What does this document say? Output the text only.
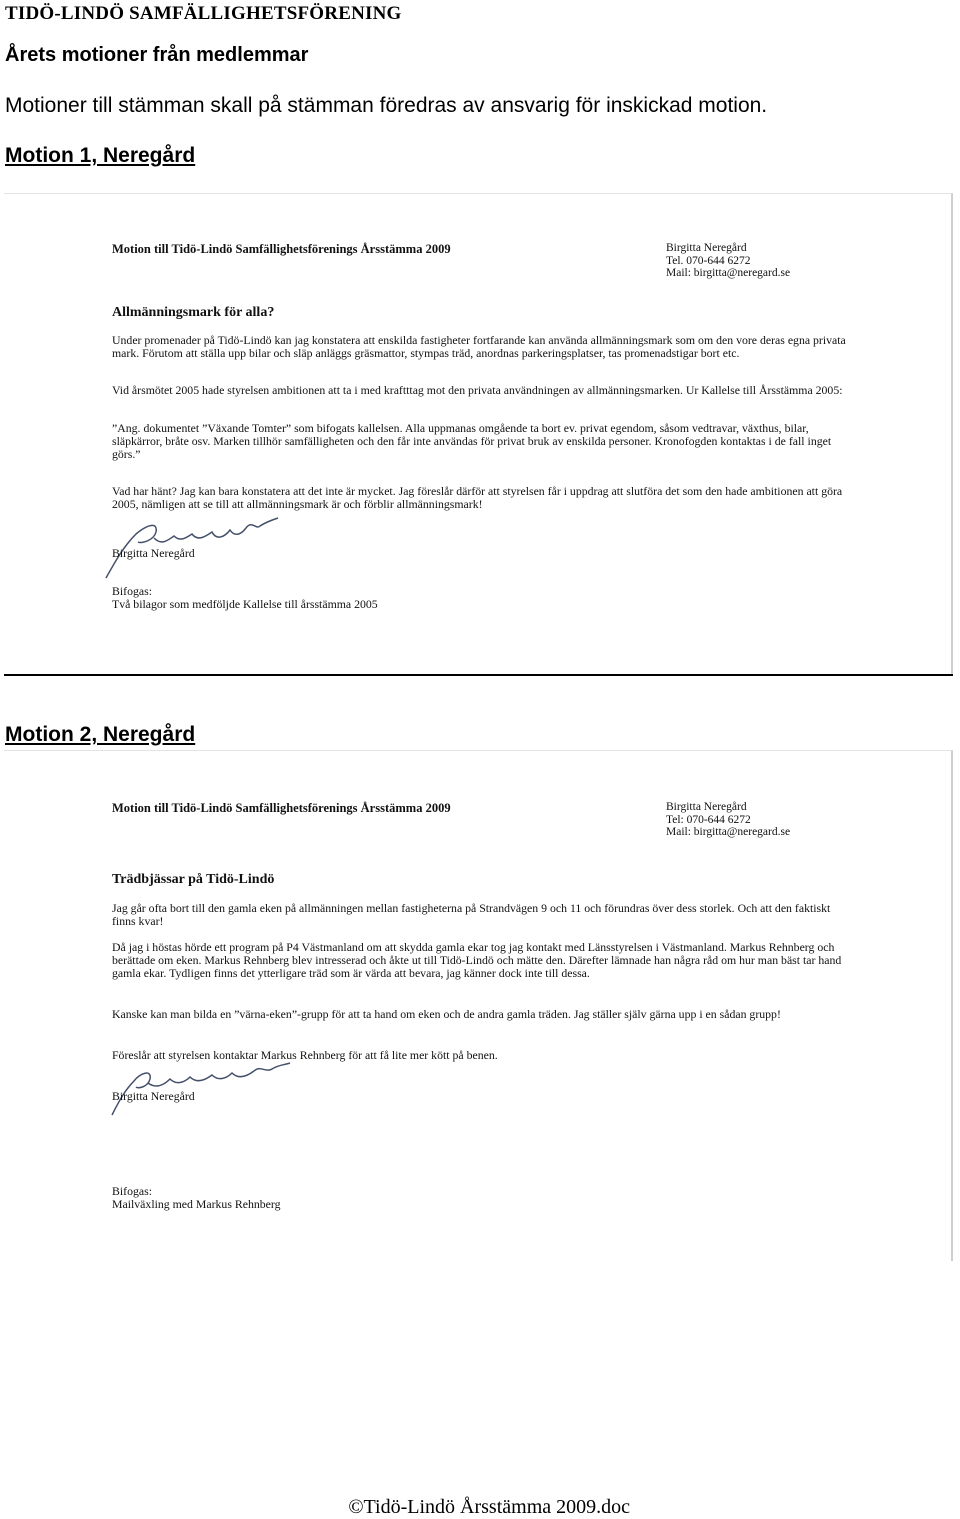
TIDÖ-LINDÖ SAMFÄLLIGHETSFÖRENING
Årets motioner från medlemmar
Motioner till stämman skall på stämman föredras av ansvarig för inskickad motion.
Motion 1, Neregård
Motion till Tidö-Lindö Samfällighetsförenings Årsstämma 2009	Birgitta Neregård
Tel. 070-644 6272
Mail: birgitta@neregard.se
Allmänningsmark för alla?
Under promenader på Tidö-Lindö kan jag konstatera att enskilda fastigheter fortfarande kan använda allmänningsmark som om den vore deras egna privata mark. Förutom att ställa upp bilar och släp anläggs gräsmattor, stympas träd, anordnas parkeringsplatser, tas promenadstigar bort etc.
Vid årsmötet 2005 hade styrelsen ambitionen att ta i med kraftttag mot den privata användningen av allmänningsmarken. Ur Kallelse till Årsstämma 2005:
”Ang. dokumentet ”Växande Tomter” som bifogats kallelsen. Alla uppmanas omgående ta bort ev. privat egendom, såsom vedtravar, växthus, bilar, släpkärror, bråte osv. Marken tillhör samfälligheten och den får inte användas för privat bruk av enskilda personer. Kronofogden kontaktas i de fall inget görs.”
Vad har hänt? Jag kan bara konstatera att det inte är mycket. Jag föreslår därför att styrelsen får i uppdrag att slutföra det som den hade ambitionen att göra 2005, nämligen att se till att allmänningsmark är och förblir allmänningsmark!
Birgitta Neregård
Bifogas:
Två bilagor som medföljde Kallelse till årsstämma 2005
Motion 2, Neregård
Motion till Tidö-Lindö Samfällighetsförenings Årsstämma 2009	Birgitta Neregård
Tel: 070-644 6272
Mail: birgitta@neregard.se
Trädbjässar på Tidö-Lindö
Jag går ofta bort till den gamla eken på allmänningen mellan fastigheterna på Strandvägen 9 och 11 och förundras över dess storlek. Och att den faktiskt finns kvar!
Då jag i höstas hörde ett program på P4 Västmanland om att skydda gamla ekar tog jag kontakt med Länsstyrelsen i Västmanland. Markus Rehnberg och berättade om eken. Markus Rehnberg blev intresserad och åkte ut till Tidö-Lindö och mätte den. Därefter lämnade han några råd om hur man bäst tar hand gamla ekar. Tydligen finns det ytterligare träd som är värda att bevara, jag känner dock inte till dessa.
Kanske kan man bilda en ”värna-eken”-grupp för att ta hand om eken och de andra gamla träden. Jag ställer själv gärna upp i en sådan grupp!
Föreslår att styrelsen kontaktar Markus Rehnberg för att få lite mer kött på benen.
Birgitta Neregård
Bifogas:
Mailväxling med Markus Rehnberg
©Tidö-Lindö Årsstämma 2009.doc
